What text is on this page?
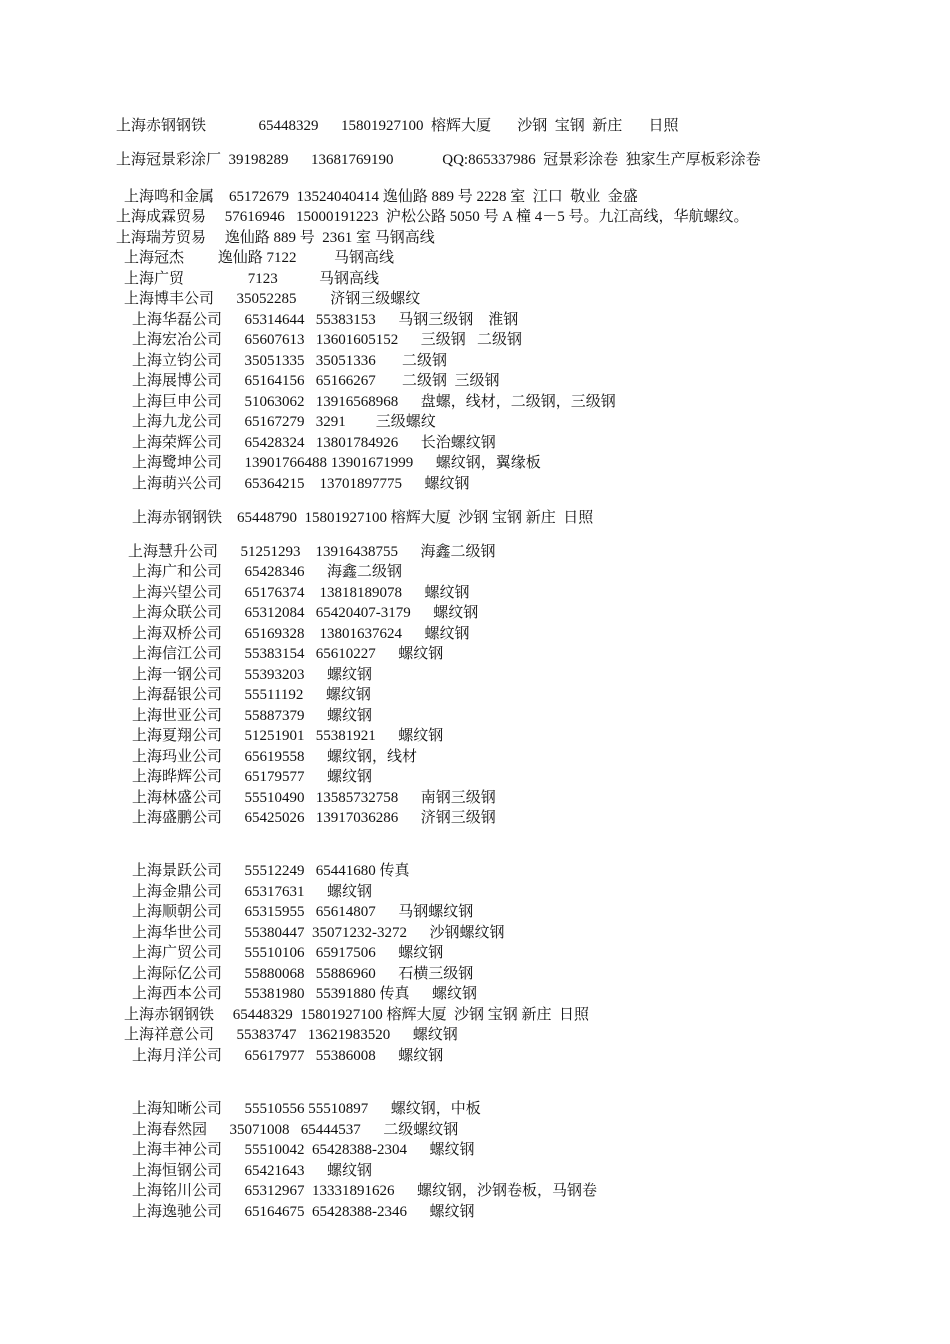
上海赤钢钢铁              65448329      15801927100  榕辉大厦       沙钢  宝钢  新庄       日照
上海冠景彩涂厂  39198289      13681769190             QQ:865337986  冠景彩涂卷  独家生产厚板彩涂卷
上海鸣和金属    65172679  13524040414 逸仙路 889 号 2228 室  江口  敬业  金盛
上海成霖贸易     57616946   15000191223  沪松公路 5050 号 A 橦 4－5 号。九江高线，华航螺纹。
上海瑞芳贸易     逸仙路 889 号  2361 室 马钢高线
上海冠杰         逸仙路 7122          马钢高线
上海广贸                 7123           马钢高线
上海博丰公司      35052285         济钢三级螺纹
上海华磊公司      65314644   55383153      马钢三级钢    淮钢
上海宏冶公司      65607613   13601605152      三级钢   二级钢
上海立钧公司      35051335   35051336       二级钢
上海展博公司      65164156   65166267       二级钢  三级钢
上海巨申公司      51063062   13916568968      盘螺，线材，二级钢，三级钢
上海九龙公司      65167279   3291        三级螺纹
上海荣辉公司      65428324   13801784926      长治螺纹钢
上海鹭坤公司      13901766488 13901671999      螺纹钢，翼缘板
上海萌兴公司      65364215    13701897775      螺纹钢
上海赤钢钢铁    65448790  15801927100 榕辉大厦  沙钢 宝钢 新庄  日照
上海慧升公司      51251293    13916438755      海鑫二级钢
上海广和公司      65428346      海鑫二级钢
上海兴望公司      65176374    13818189078      螺纹钢
上海众联公司      65312084   65420407-3179      螺纹钢
上海双桥公司      65169328    13801637624      螺纹钢
上海信江公司      55383154   65610227      螺纹钢
上海一钢公司      55393203      螺纹钢
上海磊银公司      55511192      螺纹钢
上海世亚公司      55887379      螺纹钢
上海夏翔公司      51251901   55381921      螺纹钢
上海玛业公司      65619558      螺纹钢，线材
上海晔辉公司      65179577      螺纹钢
上海林盛公司      55510490   13585732758      南钢三级钢
上海盛鹏公司      65425026   13917036286      济钢三级钢
上海景跃公司      55512249   65441680 传真
上海金鼎公司      65317631      螺纹钢
上海顺朝公司      65315955   65614807      马钢螺纹钢
上海华世公司      55380447  35071232-3272      沙钢螺纹钢
上海广贸公司      55510106   65917506      螺纹钢
上海际亿公司      55880068   55886960      石横三级钢
上海西本公司      55381980   55391880 传真      螺纹钢
上海赤钢钢铁     65448329  15801927100 榕辉大厦  沙钢 宝钢 新庄  日照
上海祥意公司      55383747   13621983520      螺纹钢
上海月洋公司      65617977   55386008      螺纹钢
上海知晰公司      55510556 55510897      螺纹钢，中板
上海春然园      35071008   65444537      二级螺纹钢
上海丰神公司      55510042  65428388-2304      螺纹钢
上海恒钢公司      65421643      螺纹钢
上海铭川公司      65312967  13331891626      螺纹钢，沙钢卷板，马钢卷
上海逸驰公司      65164675  65428388-2346      螺纹钢
